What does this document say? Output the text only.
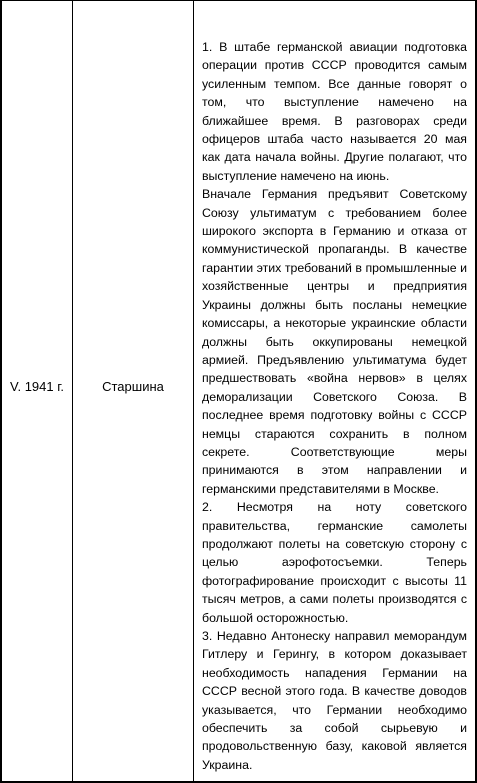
V. 1941 г.	Старшина

1. В штабе германской авиации подготовка операции против СССР проводится самым усиленным темпом. Все данные говорят о том, что выступление намечено на ближайшее время. В разговорах среди офицеров штаба часто называется 20 мая как дата начала войны. Другие полагают, что выступление намечено на июнь.

Вначале Германия предъявит Советскому Союзу ультиматум с требованием более широкого экспорта в Германию и отказа от коммунистической пропаганды. В качестве гарантии этих требований в промышленные и хозяйственные центры и предприятия Украины должны быть посланы немецкие комиссары, а некоторые украинские области должны быть оккупированы немецкой армией. Предъявлению ультиматума будет предшествовать «война нервов» в целях деморализации Советского Союза. В последнее время подготовку войны с СССР немцы стараются сохранить в полном секрете. Соответствующие меры принимаются в этом направлении и германскими представителями в Москве.

2. Несмотря на ноту советского правительства, германские самолеты продолжают полеты на советскую сторону с целью аэрофотосъемки. Теперь фотографирование происходит с высоты 11 тысяч метров, а сами полеты производятся с большой осторожностью.

3. Недавно Антонеску направил меморандум Гитлеру и Герингу, в котором доказывает необходимость нападения Германии на СССР весной этого года. В качестве доводов указывается, что Германии необходимо обеспечить за собой сырьевую и продовольственную базу, каковой является Украина.
